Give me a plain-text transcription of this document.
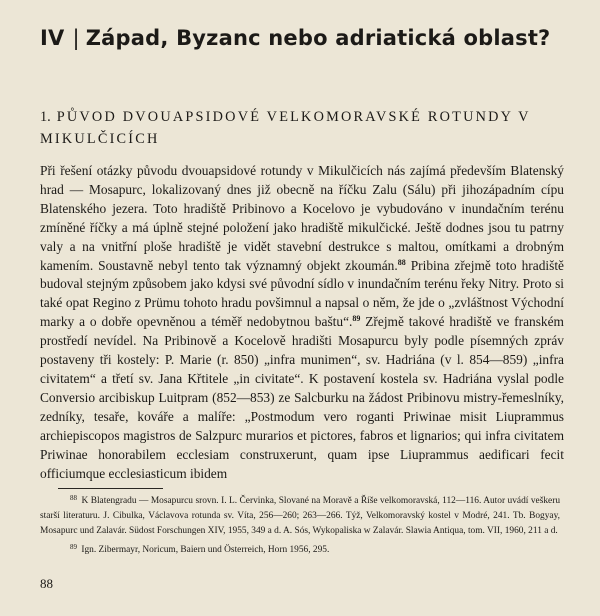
IV | Západ, Byzanc nebo adriatická oblast?
1. PŮVOD DVOUAPSIDOVÉ VELKOMORAVSKÉ ROTUNDY V MIKULČICÍCH
Při řešení otázky původu dvouapsidové rotundy v Mikulčicích nás zajímá především Blatenský hrad — Mosapurc, lokalizovaný dnes již obecně na říčku Zalu (Sálu) při jihozápadním cípu Blatenského jezera. Toto hradiště Pribinovo a Kocelovo je vybudováno v inundačním terénu zmíněné říčky a má úplně stejné položení jako hradiště mikulčické. Ještě dodnes jsou tu patrny valy a na vnitřní ploše hradiště je vidět stavební destrukce s maltou, omítkami a drobným kamením. Soustavně nebyl tento tak významný objekt zkoumán.$^{88}$ Pribina zřejmě toto hradiště budoval stejným způsobem jako kdysi své původní sídlo v inundačním terénu řeky Nitry. Proto si také opat Regino z Prümu tohoto hradu povšimnul a napsal o něm, že jde o „zvláštnost Východní marky a o dobře opevněnou a téměř nedobytnou baštu“.$^{89}$ Zřejmě takové hradiště ve franském prostředí nevídel. Na Pribinově a Kocelově hradišti Mosapurcu byly podle písemných zpráv postaveny tři kostely: P. Marie (r. 850) „infra munimen“, sv. Hadriána (v l. 854—859) „infra civitatem“ a třetí sv. Jana Křtitele „in civitate“. K postavení kostela sv. Hadriána vyslal podle Conversio arcibiskup Luitpram (852—853) ze Salcburku na žádost Pribinovu mistry-řemeslníky, zedníky, tesaře, kováře a malíře: „Postmodum vero roganti Priwinae misit Liuprammus archiepiscopos magistros de Salzpurc murarios et pictores, fabros et lignarios; qui infra civitatem Priwinae honorabilem ecclesiam construxerunt, quam ipse Liuprammus aedificari fecit officiumque ecclesiasticum ibidem

$^{88}$ K Blatengradu — Mosapurcu srovn. I. L. Červinka, Slované na Moravě a Říše velkomoravská, 112—116. Autor uvádí veškeru starší literaturu. J. Cibulka, Václavova rotunda sv. Víta, 256—260; 263—266. Týž, Velkomoravský kostel v Modré, 241. Tb. Bogyay, Mosapurc und Zalavár. Südost Forschungen XIV, 1955, 349 a d. A. Sós, Wykopaliska w Zalavár. Slawia Antiqua, tom. VII, 1960, 211 a d.

$^{89}$ Ign. Zibermayr, Noricum, Baiern und Österreich, Horn 1956, 295.

88
